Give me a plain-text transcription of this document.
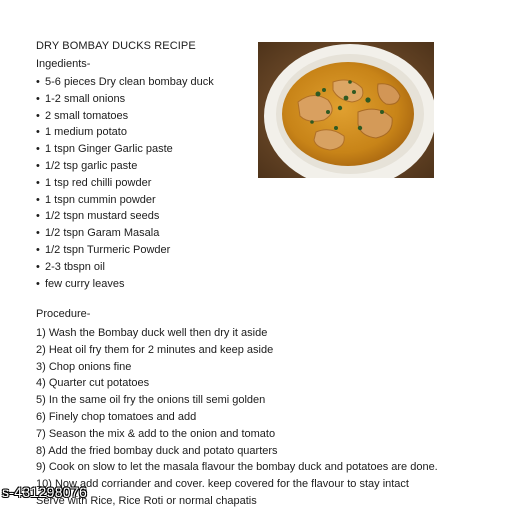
DRY BOMBAY DUCKS RECIPE
Ingedients-
• 5-6 pieces Dry clean bombay duck
• 1-2 small onions
• 2 small tomatoes
• 1 medium potato
• 1 tspn Ginger Garlic paste
• 1/2 tsp garlic paste
• 1 tsp red chilli powder
• 1 tspn cummin powder
• 1/2 tspn mustard seeds
• 1/2 tspn Garam Masala
• 1/2 tspn Turmeric Powder
• 2-3 tbspn oil
• few curry leaves
Procedure-
1) Wash the Bombay duck well then dry it aside
2) Heat oil fry them for 2 minutes and keep aside
3) Chop onions fine
4) Quarter cut potatoes
5) In the same oil fry the onions till semi golden
6) Finely chop tomatoes and add
7) Season the mix & add to the onion and tomato
8) Add the fried bombay duck and potato quarters
9) Cook on slow to let the masala flavour the bombay duck and potatoes are done.
10) Now add corriander and cover. keep covered for the flavour to stay intact
Serve with Rice, Rice Roti or normal chapatis
s-431298076
